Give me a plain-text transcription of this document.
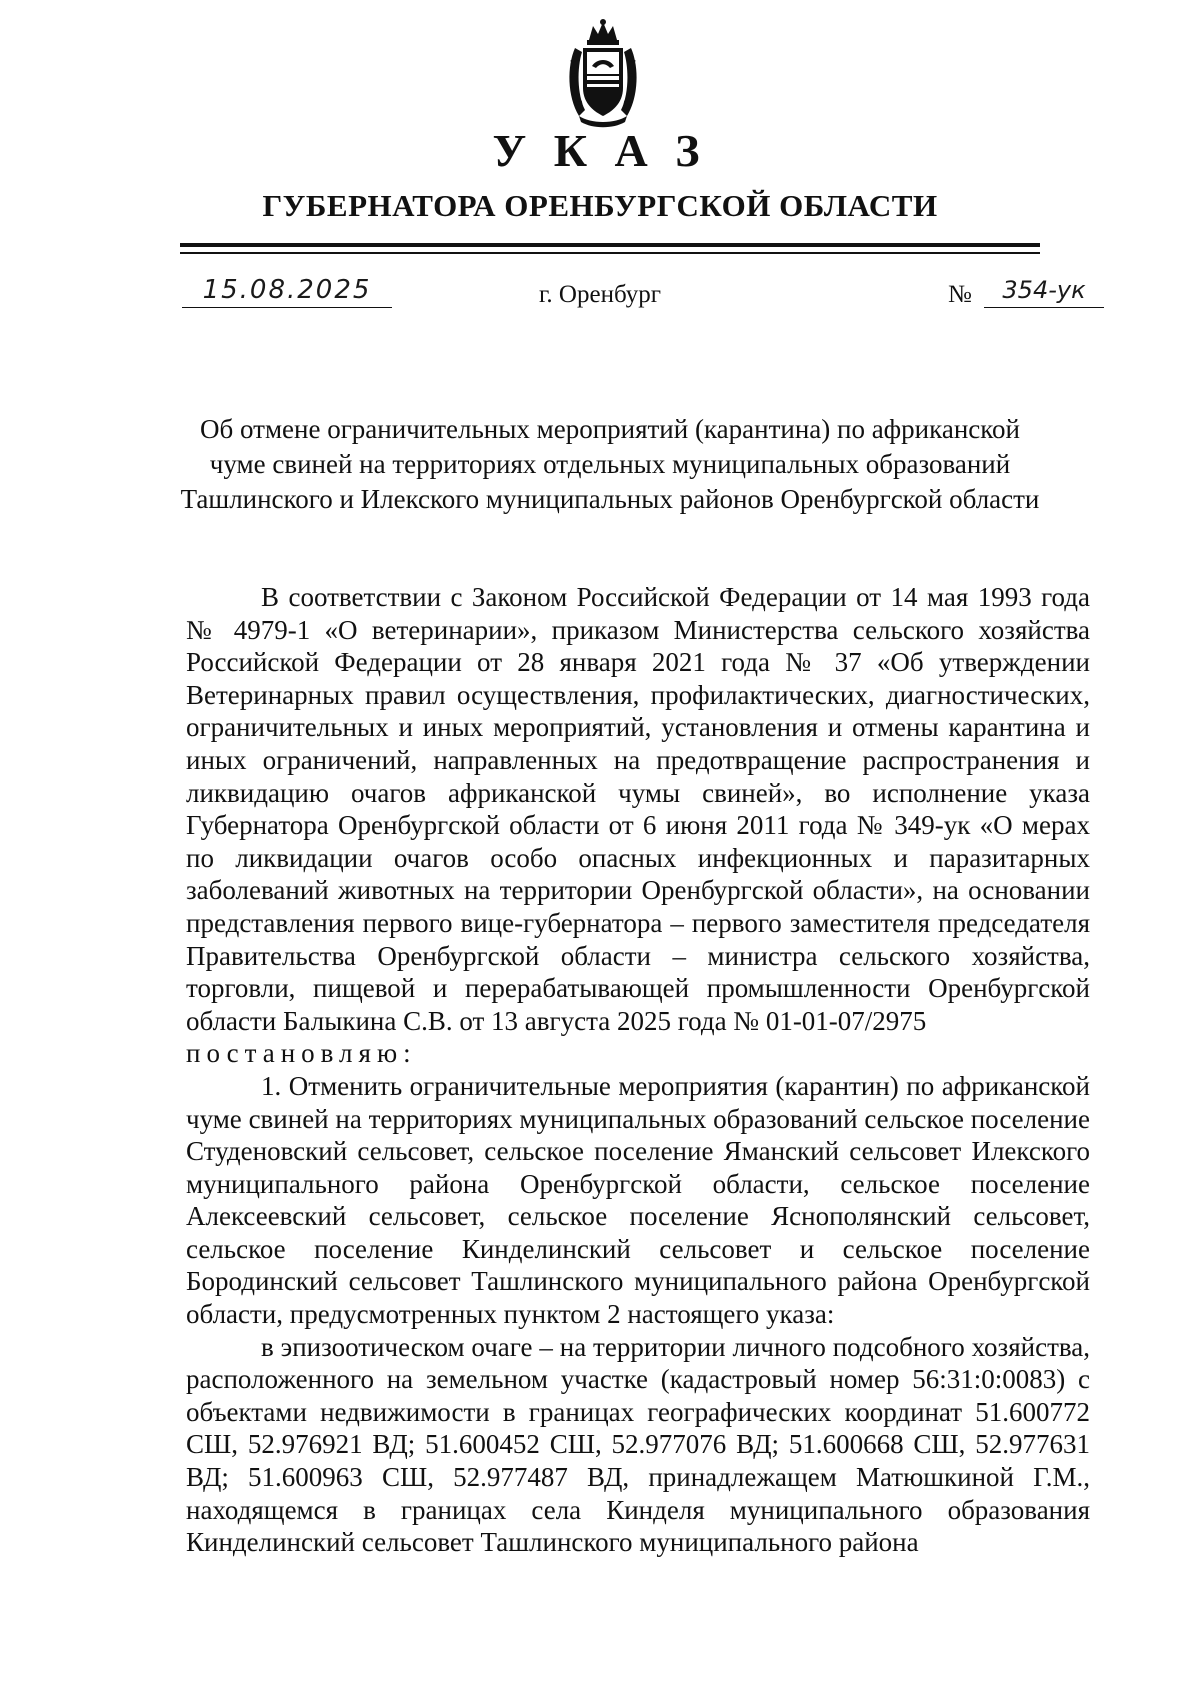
У К А З
ГУБЕРНАТОРА ОРЕНБУРГСКОЙ ОБЛАСТИ
15.08.2025	г. Оренбург	№	354-ук

Об отмене ограничительных мероприятий (карантина) по африканской чуме свиней на территориях отдельных муниципальных образований Ташлинского и Илекского муниципальных районов Оренбургской области

В соответствии с Законом Российской Федерации от 14 мая 1993 года № 4979-1 «О ветеринарии», приказом Министерства сельского хозяйства Российской Федерации от 28 января 2021 года № 37 «Об утверждении Ветеринарных правил осуществления, профилактических, диагностических, ограничительных и иных мероприятий, установления и отмены карантина и иных ограничений, направленных на предотвращение распространения и ликвидацию очагов африканской чумы свиней», во исполнение указа Губернатора Оренбургской области от 6 июня 2011 года № 349-ук «О мерах по ликвидации очагов особо опасных инфекционных и паразитарных заболеваний животных на территории Оренбургской области», на основании представления первого вице-губернатора – первого заместителя председателя Правительства Оренбургской области – министра сельского хозяйства, торговли, пищевой и перерабатывающей промышленности Оренбургской области Балыкина С.В. от 13 августа 2025 года № 01-01-07/2975

постановляю:

1. Отменить ограничительные мероприятия (карантин) по африканской чуме свиней на территориях муниципальных образований сельское поселение Студеновский сельсовет, сельское поселение Яманский сельсовет Илекского муниципального района Оренбургской области, сельское поселение Алексеевский сельсовет, сельское поселение Яснополянский сельсовет, сельское поселение Кинделинский сельсовет и сельское поселение Бородинский сельсовет Ташлинского муниципального района Оренбургской области, предусмотренных пунктом 2 настоящего указа:

в эпизоотическом очаге – на территории личного подсобного хозяйства, расположенного на земельном участке (кадастровый номер 56:31:0:0083) с объектами недвижимости в границах географических координат 51.600772 СШ, 52.976921 ВД; 51.600452 СШ, 52.977076 ВД; 51.600668 СШ, 52.977631 ВД; 51.600963 СШ, 52.977487 ВД, принадлежащем Матюшкиной Г.М., находящемся в границах села Кинделя муниципального образования Кинделинский сельсовет Ташлинского муниципального района
